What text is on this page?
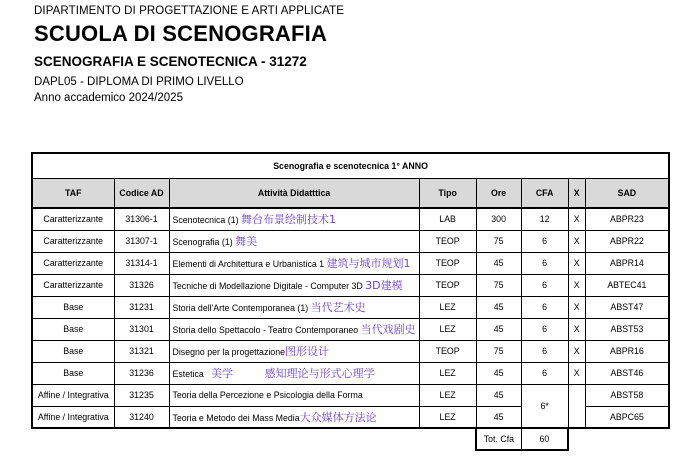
DIPARTIMENTO DI PROGETTAZIONE E ARTI APPLICATE

SCUOLA DI SCENOGRAFIA

SCENOGRAFIA E SCENOTECNICA - 31272

DAPL05 - DIPLOMA DI PRIMO LIVELLO

Anno accademico 2024/2025

Scenografia e scenotecnica 1° ANNO							
TAF	Codice AD	Attività Didatttica	Tipo	Ore	CFA	X	SAD
Caratterizzante	31306-1	Scenotecnica (1) 舞台布景绘制技术1	LAB	300	12	X	ABPR23
Caratterizzante	31307-1	Scenografia (1) 舞美	TEOP	75	6	X	ABPR22
Caratterizzante	31314-1	Elementi di Architettura e Urbanistica 1 建筑与城市规划1	TEOP	45	6	X	ABPR14
Caratterizzante	31326	Tecniche di Modellazione Digitale - Computer 3D 3D建模	TEOP	75	6	X	ABTEC41
Base	31231	Storia dell'Arte Contemporanea (1) 当代艺术史	LEZ	45	6	X	ABST47
Base	31301	Storia dello Spettacolo - Teatro Contemporaneo 当代戏剧史	LEZ	45	6	X	ABST53
Base	31321	Disegno per la progettazione图形设计	TEOP	75	6	X	ABPR16
Base	31236	Estetica 美学         感知理论与形式心理学	LEZ	45	6	X	ABST46
Affine / Integrativa	31235	Teoria della Percezione e Psicologia della Forma	LEZ	45	6*		ABST58
Affine / Integrativa	31240	Teoria e Metodo dei Mass Media大众媒体方法论	LEZ	45			ABPC65
				Tot. Cfa	60		
